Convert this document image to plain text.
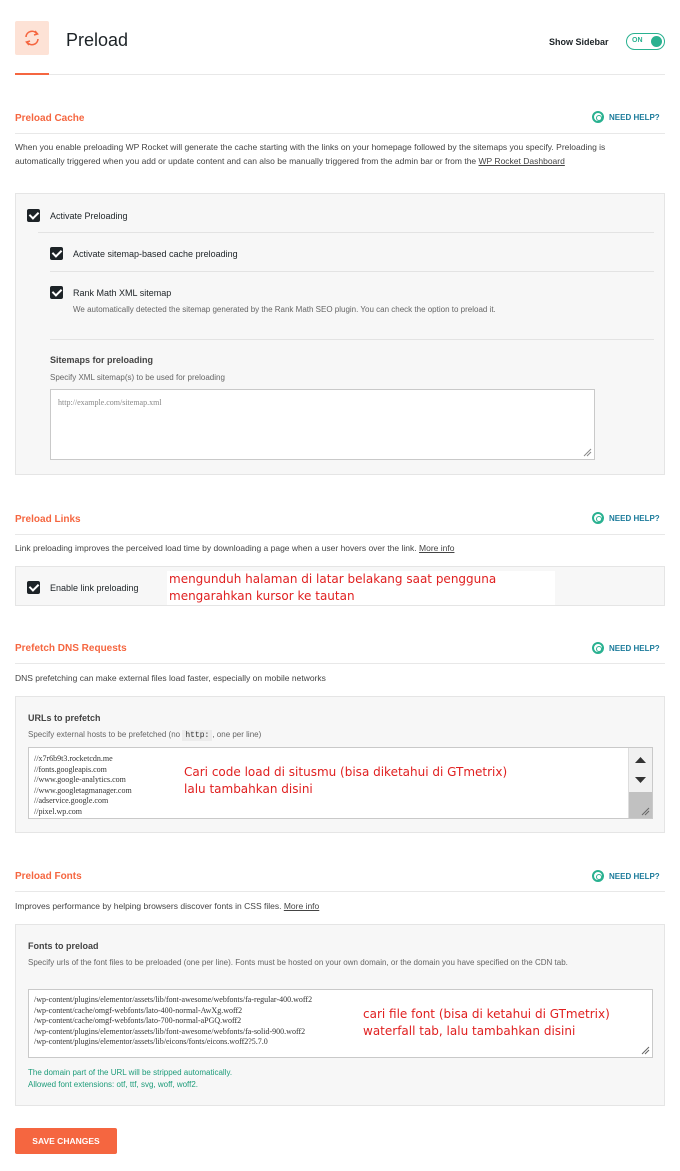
Preload	Show Sidebar	ON
Preload Cache	NEED HELP?
When you enable preloading WP Rocket will generate the cache starting with the links on your homepage followed by the sitemaps you specify. Preloading is automatically triggered when you add or update content and can also be manually triggered from the admin bar or from the WP Rocket Dashboard
Activate Preloading
Activate sitemap-based cache preloading
Rank Math XML sitemap
We automatically detected the sitemap generated by the Rank Math SEO plugin. You can check the option to preload it.
Sitemaps for preloading
Specify XML sitemap(s) to be used for preloading
http://example.com/sitemap.xml
Preload Links	NEED HELP?
Link preloading improves the perceived load time by downloading a page when a user hovers over the link. More info
Enable link preloading
mengunduh halaman di latar belakang saat pengguna
mengarahkan kursor ke tautan
Prefetch DNS Requests	NEED HELP?
DNS prefetching can make external files load faster, especially on mobile networks
URLs to prefetch
Specify external hosts to be prefetched (no http: , one per line)
//x7r6b9t3.rocketcdn.me
//fonts.googleapis.com
//www.google-analytics.com
//www.googletagmanager.com
//adservice.google.com
//pixel.wp.com
Cari code load di situsmu (bisa diketahui di GTmetrix)
lalu tambahkan disini
Preload Fonts	NEED HELP?
Improves performance by helping browsers discover fonts in CSS files. More info
Fonts to preload
Specify urls of the font files to be preloaded (one per line). Fonts must be hosted on your own domain, or the domain you have specified on the CDN tab.
/wp-content/plugins/elementor/assets/lib/font-awesome/webfonts/fa-regular-400.woff2
/wp-content/cache/omgf-webfonts/lato-400-normal-AwXg.woff2
/wp-content/cache/omgf-webfonts/lato-700-normal-aPGQ.woff2
/wp-content/plugins/elementor/assets/lib/font-awesome/webfonts/fa-solid-900.woff2
/wp-content/plugins/elementor/assets/lib/eicons/fonts/eicons.woff2?5.7.0
cari file font (bisa di ketahui di GTmetrix)
waterfall tab, lalu tambahkan disini
The domain part of the URL will be stripped automatically.
Allowed font extensions: otf, ttf, svg, woff, woff2.
SAVE CHANGES
